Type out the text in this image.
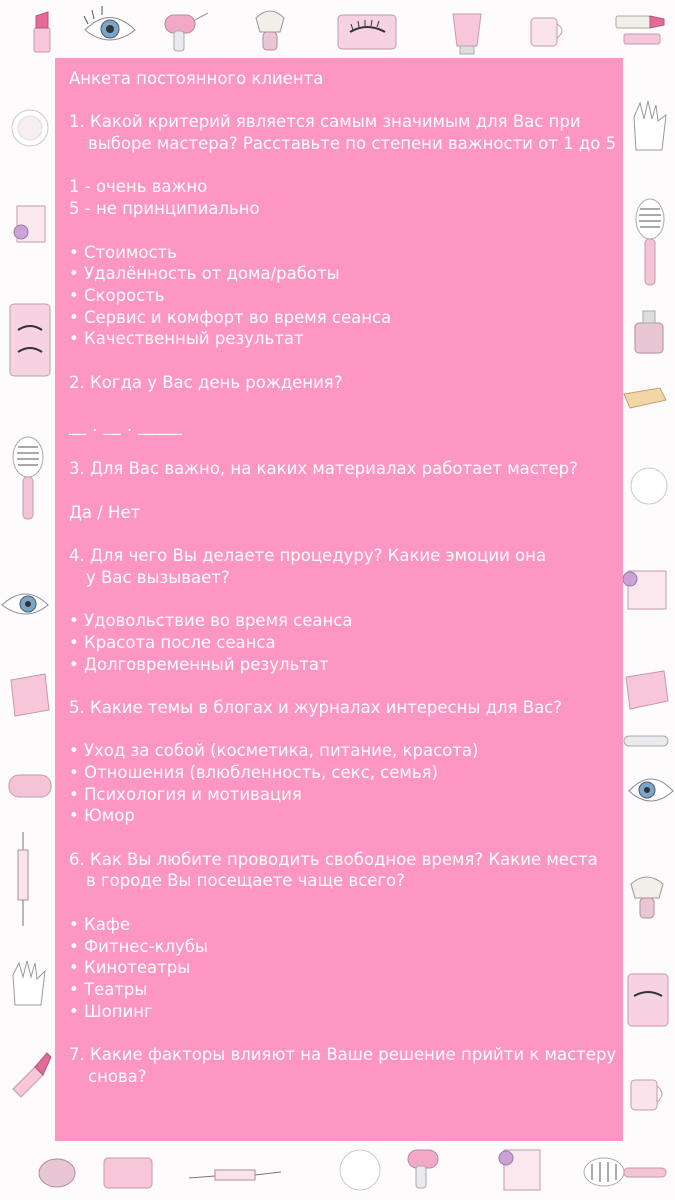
Анкета постоянного клиента
1. Какой критерий является самым значимым для Вас при
выборе мастера? Расставьте по степени важности от 1 до 5
1 - очень важно
5 - не принципиально
• Стоимость
• Удалённость от дома/работы
• Скорость
• Сервис и комфорт во время сеанса
• Качественный результат
2. Когда у Вас день рождения?
__ . __ . _____
3. Для Вас важно, на каких материалах работает мастер?
Да / Нет
4. Для чего Вы делаете процедуру? Какие эмоции она
у Вас вызывает?
• Удовольствие во время сеанса
• Красота после сеанса
• Долговременный результат
5. Какие темы в блогах и журналах интересны для Вас?
• Уход за собой (косметика, питание, красота)
• Отношения (влюбленность, секс, семья)
• Психология и мотивация
• Юмор
6. Как Вы любите проводить свободное время? Какие места
в городе Вы посещаете чаще всего?
• Кафе
• Фитнес-клубы
• Кинотеатры
• Театры
• Шопинг
7. Какие факторы влияют на Ваше решение прийти к мастеру
снова?
